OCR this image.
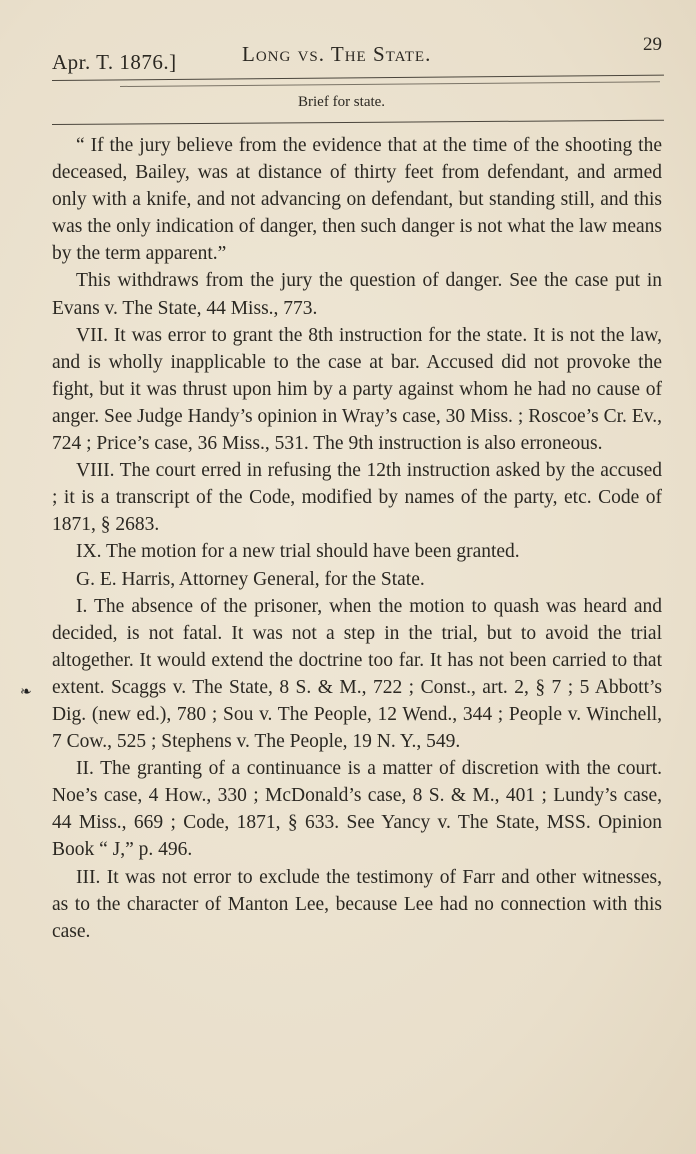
Apr. T. 1876.]	Long vs. The State.	29
Brief for state.
❧

“ If the jury believe from the evidence that at the time of the shooting the deceased, Bailey, was at distance of thirty feet from defendant, and armed only with a knife, and not advancing on defendant, but standing still, and this was the only indication of danger, then such danger is not what the law means by the term apparent.”

This withdraws from the jury the question of danger. See the case put in Evans v. The State, 44 Miss., 773.

VII. It was error to grant the 8th instruction for the state. It is not the law, and is wholly inapplicable to the case at bar. Accused did not provoke the fight, but it was thrust upon him by a party against whom he had no cause of anger. See Judge Handy’s opinion in Wray’s case, 30 Miss. ; Roscoe’s Cr. Ev., 724 ; Price’s case, 36 Miss., 531. The 9th instruction is also erroneous.

VIII. The court erred in refusing the 12th instruction asked by the accused ; it is a transcript of the Code, modified by names of the party, etc. Code of 1871, § 2683.

IX. The motion for a new trial should have been granted.

G. E. Harris, Attorney General, for the State.

I. The absence of the prisoner, when the motion to quash was heard and decided, is not fatal. It was not a step in the trial, but to avoid the trial altogether. It would extend the doctrine too far. It has not been carried to that extent. Scaggs v. The State, 8 S. & M., 722 ; Const., art. 2, § 7 ; 5 Abbott’s Dig. (new ed.), 780 ; Sou v. The People, 12 Wend., 344 ; People v. Winchell, 7 Cow., 525 ; Stephens v. The People, 19 N. Y., 549.

II. The granting of a continuance is a matter of discretion with the court. Noe’s case, 4 How., 330 ; McDonald’s case, 8 S. & M., 401 ; Lundy’s case, 44 Miss., 669 ; Code, 1871, § 633. See Yancy v. The State, MSS. Opinion Book “ J,” p. 496.

III. It was not error to exclude the testimony of Farr and other witnesses, as to the character of Manton Lee, because Lee had no connection with this case.
